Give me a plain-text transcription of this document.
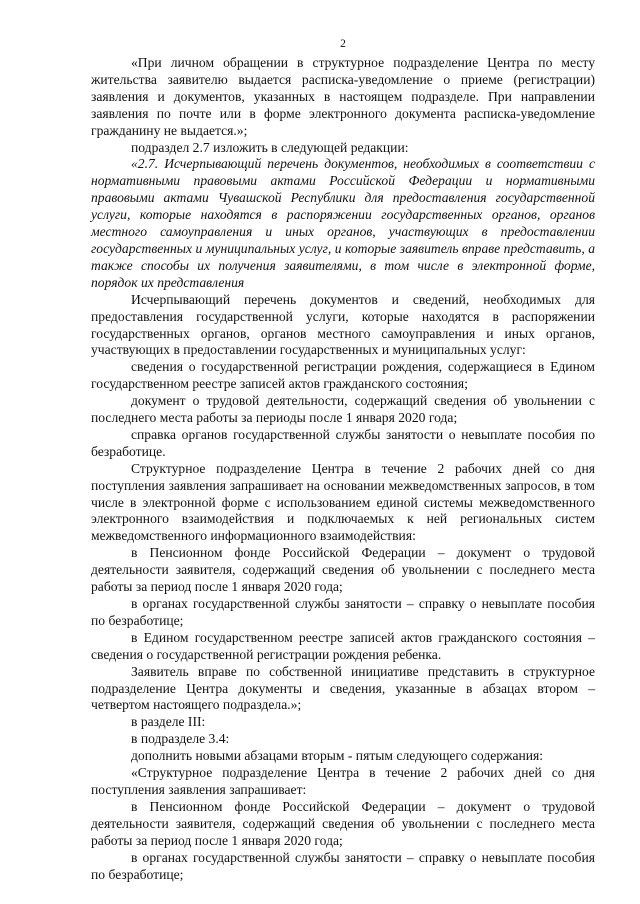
2

«При личном обращении в структурное подразделение Центра по месту жительства заявителю выдается расписка-уведомление о приеме (регистрации) заявления и документов, указанных в настоящем подразделе. При направлении заявления по почте или в форме электронного документа расписка-уведомление гражданину не выдается.»;

подраздел 2.7 изложить в следующей редакции:

«2.7. Исчерпывающий перечень документов, необходимых в соответствии с нормативными правовыми актами Российской Федерации и нормативными правовыми актами Чувашской Республики для предоставления государственной услуги, которые находятся в распоряжении государственных органов, органов местного самоуправления и иных органов, участвующих в предоставлении государственных и муниципальных услуг, и которые заявитель вправе представить, а также способы их получения заявителями, в том числе в электронной форме, порядок их представления

Исчерпывающий перечень документов и сведений, необходимых для предоставления государственной услуги, которые находятся в распоряжении государственных органов, органов местного самоуправления и иных органов, участвующих в предоставлении государственных и муниципальных услуг:

сведения о государственной регистрации рождения, содержащиеся в Едином государственном реестре записей актов гражданского состояния;

документ о трудовой деятельности, содержащий сведения об увольнении с последнего места работы за периоды после 1 января 2020 года;

справка органов государственной службы занятости о невыплате пособия по безработице.

Структурное подразделение Центра в течение 2 рабочих дней со дня поступления заявления запрашивает на основании межведомственных запросов, в том числе в электронной форме с использованием единой системы межведомственного электронного взаимодействия и подключаемых к ней региональных систем межведомственного информационного взаимодействия:

в Пенсионном фонде Российской Федерации – документ о трудовой деятельности заявителя, содержащий сведения об увольнении с последнего места работы за период после 1 января 2020 года;

в органах государственной службы занятости – справку о невыплате пособия по безработице;

в Едином государственном реестре записей актов гражданского состояния – сведения о государственной регистрации рождения ребенка.

Заявитель вправе по собственной инициативе представить в структурное подразделение Центра документы и сведения, указанные в абзацах втором – четвертом настоящего подраздела.»;

в разделе III:

в подразделе 3.4:

дополнить новыми абзацами вторым - пятым следующего содержания:

«Структурное подразделение Центра в течение 2 рабочих дней со дня поступления заявления запрашивает:

в Пенсионном фонде Российской Федерации – документ о трудовой деятельности заявителя, содержащий сведения об увольнении с последнего места работы за период после 1 января 2020 года;

в органах государственной службы занятости – справку о невыплате пособия по безработице;
